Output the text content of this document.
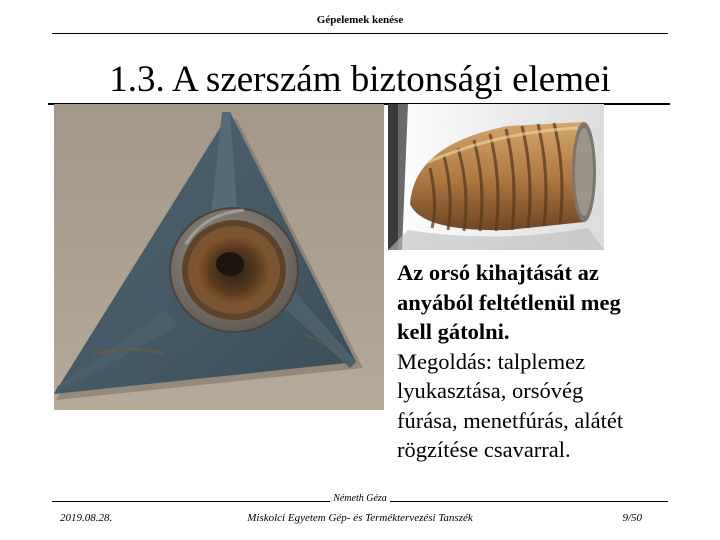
Gépelemek kenése
1.3. A szerszám biztonsági elemei
Az orsó kihajtását az
anyából feltétlenül meg
kell gátolni.
Megoldás: talplemez
lyukasztása, orsóvég
fúrása, menetfúrás, alátét
rögzítése csavarral.
Németh Géza
2019.08.28.	Miskolci Egyetem Gép- és Terméktervezési Tanszék	9/50
